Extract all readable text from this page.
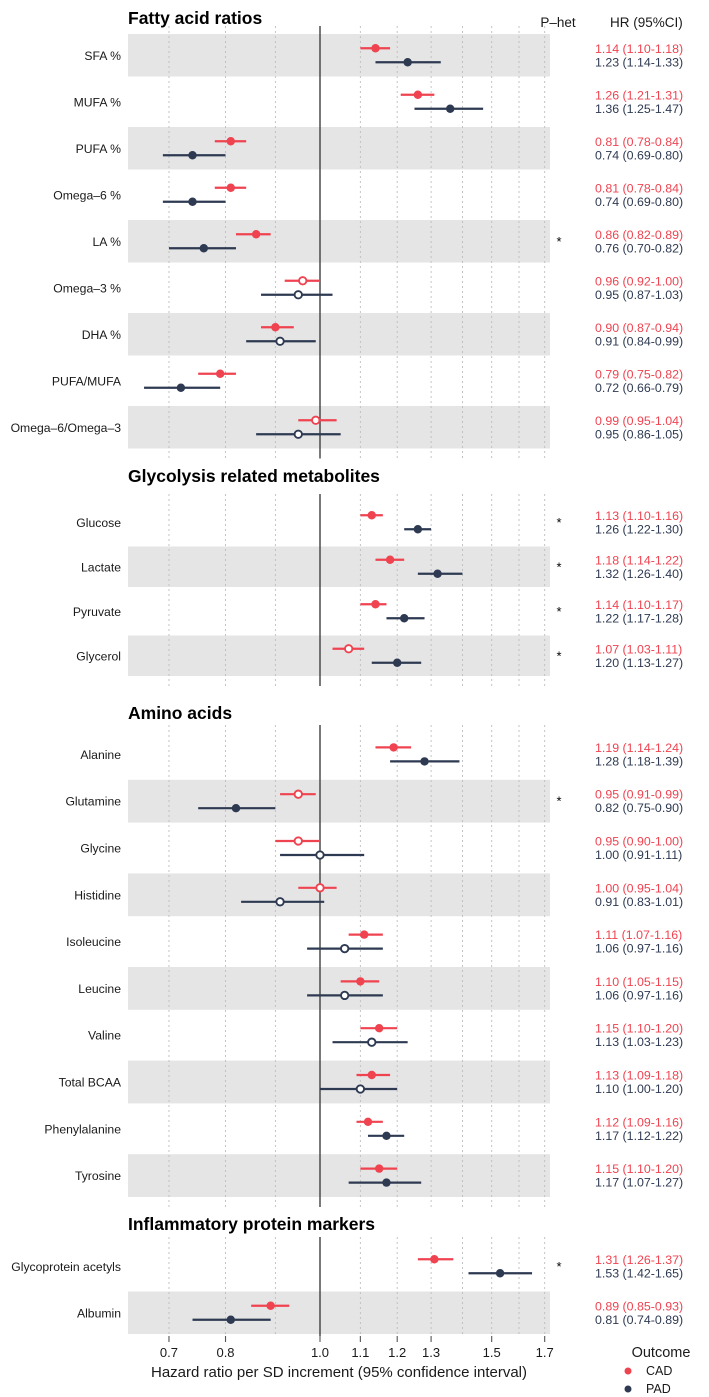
P–het	HR (95%CI)
Fatty acid ratios
SFA %	1.14 (1.10-1.18)
1.23 (1.14-1.33)
MUFA %	1.26 (1.21-1.31)
1.36 (1.25-1.47)
PUFA %	0.81 (0.78-0.84)
0.74 (0.69-0.80)
Omega–6 %	0.81 (0.78-0.84)
0.74 (0.69-0.80)
LA %	*	0.86 (0.82-0.89)
0.76 (0.70-0.82)
Omega–3 %	0.96 (0.92-1.00)
0.95 (0.87-1.03)
DHA %	0.90 (0.87-0.94)
0.91 (0.84-0.99)
PUFA/MUFA	0.79 (0.75-0.82)
0.72 (0.66-0.79)
Omega–6/Omega–3	0.99 (0.95-1.04)
0.95 (0.86-1.05)
Glycolysis related metabolites
Glucose	*	1.13 (1.10-1.16)
1.26 (1.22-1.30)
Lactate	*	1.18 (1.14-1.22)
1.32 (1.26-1.40)
Pyruvate	*	1.14 (1.10-1.17)
1.22 (1.17-1.28)
Glycerol	*	1.07 (1.03-1.11)
1.20 (1.13-1.27)
Amino acids
Alanine	1.19 (1.14-1.24)
1.28 (1.18-1.39)
Glutamine	*	0.95 (0.91-0.99)
0.82 (0.75-0.90)
Glycine	0.95 (0.90-1.00)
1.00 (0.91-1.11)
Histidine	1.00 (0.95-1.04)
0.91 (0.83-1.01)
Isoleucine	1.11 (1.07-1.16)
1.06 (0.97-1.16)
Leucine	1.10 (1.05-1.15)
1.06 (0.97-1.16)
Valine	1.15 (1.10-1.20)
1.13 (1.03-1.23)
Total BCAA	1.13 (1.09-1.18)
1.10 (1.00-1.20)
Phenylalanine	1.12 (1.09-1.16)
1.17 (1.12-1.22)
Tyrosine	1.15 (1.10-1.20)
1.17 (1.07-1.27)
Inflammatory protein markers
Glycoprotein acetyls	*	1.31 (1.26-1.37)
1.53 (1.42-1.65)
Albumin	0.89 (0.85-0.93)
0.81 (0.74-0.89)
0.7	0.8	1.0 1.1 1.2 1.3	1.5	1.7
Hazard ratio per SD increment (95% confidence interval)
Outcome
CAD
PAD
